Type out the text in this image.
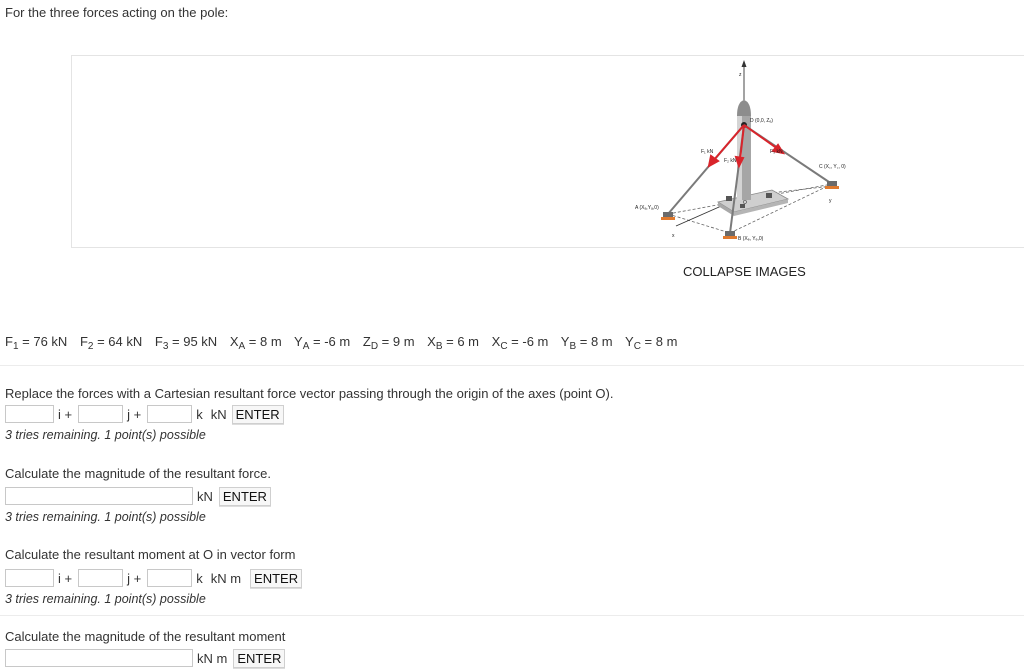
For the three forces acting on the pole:
z
x
y
O
D (0,0, Zₑ)
A (Xₐ,Yₐ,0)
B (Xₑ, Yₑ,0)
C (X꜀, Y꜀, 0)
F₁ kN
F₂ kN
F₃ kN
COLLAPSE IMAGES
$F_1 = 76$ kN $F_2 = 64$ kN $F_3 = 95$ kN $X_A = 8$ m $Y_A = -6$ m $Z_D = 9$ m $X_B = 6$ m $X_C = -6$ m $Y_B = 8$ m $Y_C = 8$ m
Replace the forces with a Cartesian resultant force vector passing through the origin of the axes (point O).
i +	j +	k kN ENTER
3 tries remaining. 1 point(s) possible
Calculate the magnitude of the resultant force.
kN ENTER
3 tries remaining. 1 point(s) possible
Calculate the resultant moment at O in vector form
i +	j +	k kN m	ENTER
3 tries remaining. 1 point(s) possible
Calculate the magnitude of the resultant moment
kN m ENTER
